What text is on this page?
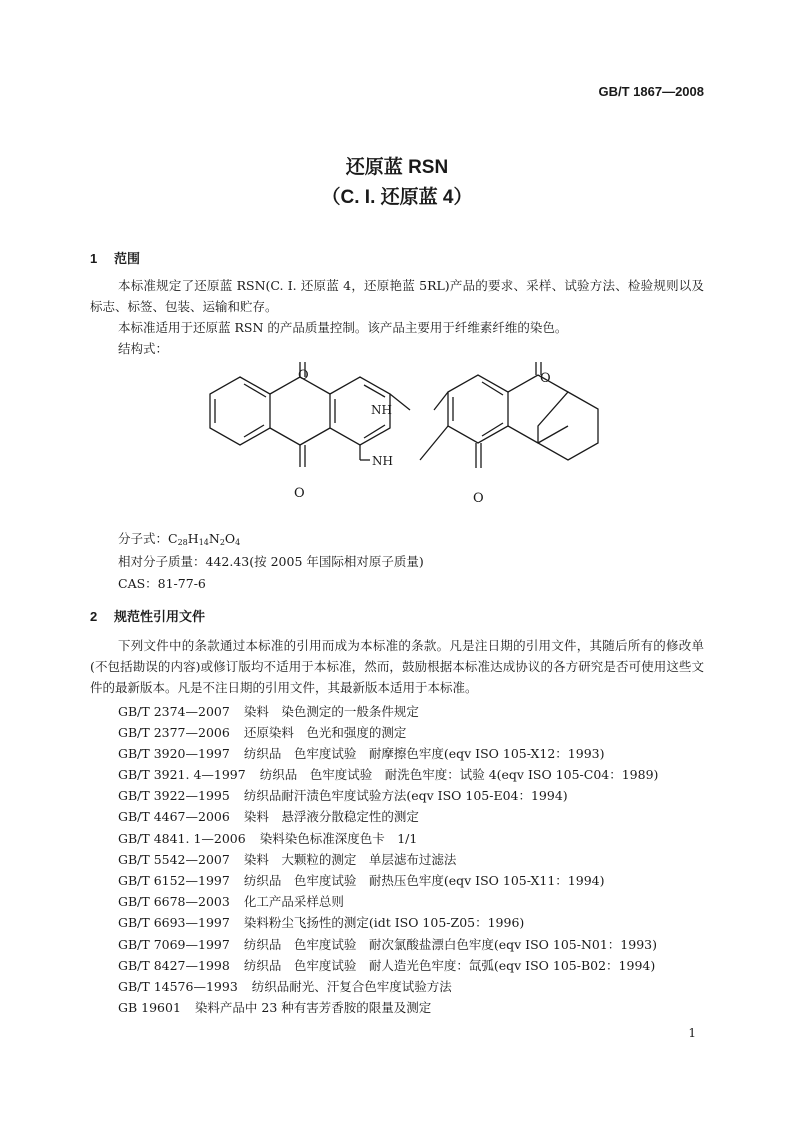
GB/T 1867—2008
还原蓝 RSN
（C. I. 还原蓝 4）
1 范围

本标准规定了还原蓝 RSN(C. I. 还原蓝 4，还原艳蓝 5RL)产品的要求、采样、试验方法、检验规则以及标志、标签、包装、运输和贮存。

本标准适用于还原蓝 RSN 的产品质量控制。该产品主要用于纤维素纤维的染色。
结构式：
O
O
NH
NH
O
O
分子式：$C_{28}H_{14}N_2O_4$
相对分子质量：442.43(按 2005 年国际相对原子质量)
CAS：81-77-6
2 规范性引用文件

下列文件中的条款通过本标准的引用而成为本标准的条款。凡是注日期的引用文件，其随后所有的修改单(不包括勘误的内容)或修订版均不适用于本标准，然而，鼓励根据本标准达成协议的各方研究是否可使用这些文件的最新版本。凡是不注日期的引用文件，其最新版本适用于本标准。

GB/T 2374—2007 染料　染色测定的一般条件规定
GB/T 2377—2006 还原染料　色光和强度的测定
GB/T 3920—1997 纺织品　色牢度试验　耐摩擦色牢度(eqv ISO 105-X12：1993)
GB/T 3921. 4—1997 纺织品　色牢度试验　耐洗色牢度：试验 4(eqv ISO 105-C04：1989)
GB/T 3922—1995 纺织品耐汗渍色牢度试验方法(eqv ISO 105-E04：1994)
GB/T 4467—2006 染料　悬浮液分散稳定性的测定
GB/T 4841. 1—2006 染料染色标准深度色卡　1/1
GB/T 5542—2007 染料　大颗粒的测定　单层滤布过滤法
GB/T 6152—1997 纺织品　色牢度试验　耐热压色牢度(eqv ISO 105-X11：1994)
GB/T 6678—2003 化工产品采样总则
GB/T 6693—1997 染料粉尘飞扬性的测定(idt ISO 105-Z05：1996)
GB/T 7069—1997 纺织品　色牢度试验　耐次氯酸盐漂白色牢度(eqv ISO 105-N01：1993)
GB/T 8427—1998 纺织品　色牢度试验　耐人造光色牢度：氙弧(eqv ISO 105-B02：1994)
GB/T 14576—1993 纺织品耐光、汗复合色牢度试验方法
GB 19601 染料产品中 23 种有害芳香胺的限量及测定
1
